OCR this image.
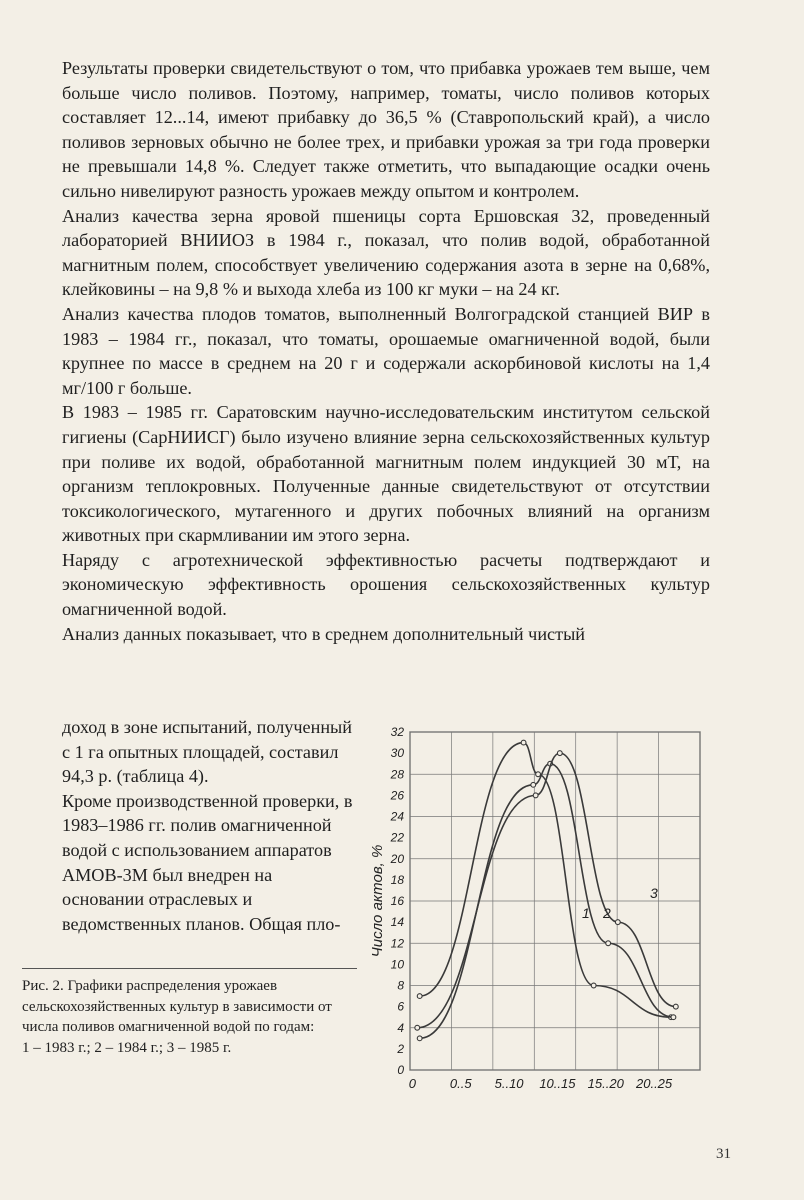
Результаты проверки свидетельствуют о том, что прибавка урожаев тем выше, чем больше число поливов. Поэтому, например, томаты, число поливов которых составляет 12...14, имеют прибавку до 36,5 % (Ставропольский край), а число поливов зерновых обычно не более трех, и прибавки урожая за три года проверки не превышали 14,8 %. Следует также отметить, что выпадающие осадки очень сильно нивелируют разность урожаев между опытом и контролем.

Анализ качества зерна яровой пшеницы сорта Ершовская 32, проведенный лабораторией ВНИИОЗ в 1984 г., показал, что полив водой, обработанной магнитным полем, способствует увеличению содержания азота в зерне на 0,68%, клейковины – на 9,8 % и выхода хлеба из 100 кг муки – на 24 кг.

Анализ качества плодов томатов, выполненный Волгоградской станцией ВИР в 1983 – 1984 гг., показал, что томаты, орошаемые омагниченной водой, были крупнее по массе в среднем на 20 г и содержали аскорбиновой кислоты на 1,4 мг/100 г больше.

В 1983 – 1985 гг. Саратовским научно-исследовательским институтом сельской гигиены (СарНИИСГ) было изучено влияние зерна сельскохозяйственных культур при поливе их водой, обработанной магнитным полем индукцией 30 мТ, на организм теплокровных. Полученные данные свидетельствуют от отсутствии токсикологического, мутагенного и других побочных влияний на организм животных при скармливании им этого зерна.

Наряду с агротехнической эффективностью расчеты подтверждают и экономическую эффективность орошения сельскохозяйственных культур омагниченной водой.

Анализ данных показывает, что в среднем дополнительный чистый

доход в зоне испытаний, полученный с 1 га опытных площадей, составил 94,3 р. (таблица 4).

Кроме производственной проверки, в 1983–1986 гг. полив омагниченной водой с использованием аппаратов АМОВ-3М был внедрен на основании отраслевых и ведомственных планов. Общая пло-

Рис. 2. Графики распределения урожаев сельскохозяйственных культур в зависимости от числа поливов омагниченной водой по годам:
1 – 1983 г.; 2 – 1984 г.; 3 – 1985 г.
0
2
4
6
8
10
12
14
16
18
20
22
24
26
28
30
32
0	0..5 5..10 10..15 15..20 20..25
Число актов, %	1 2
3
31
